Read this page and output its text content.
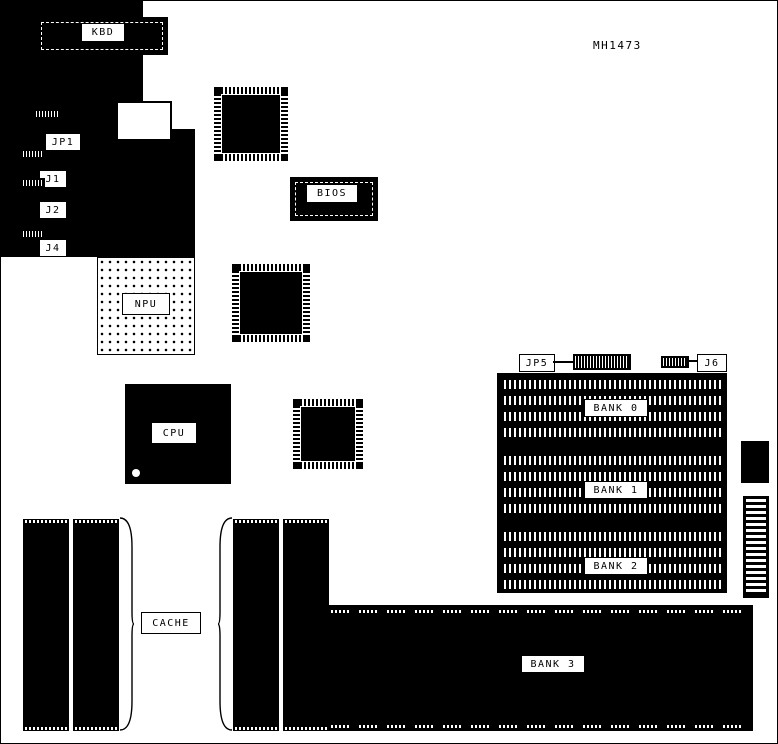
KBD
JP1
J1
J2
J4
BIOS
NPU
CPU
MH1473
JP5	J6
BANK 0
BANK 1
BANK 2
BANK 3
CACHE
